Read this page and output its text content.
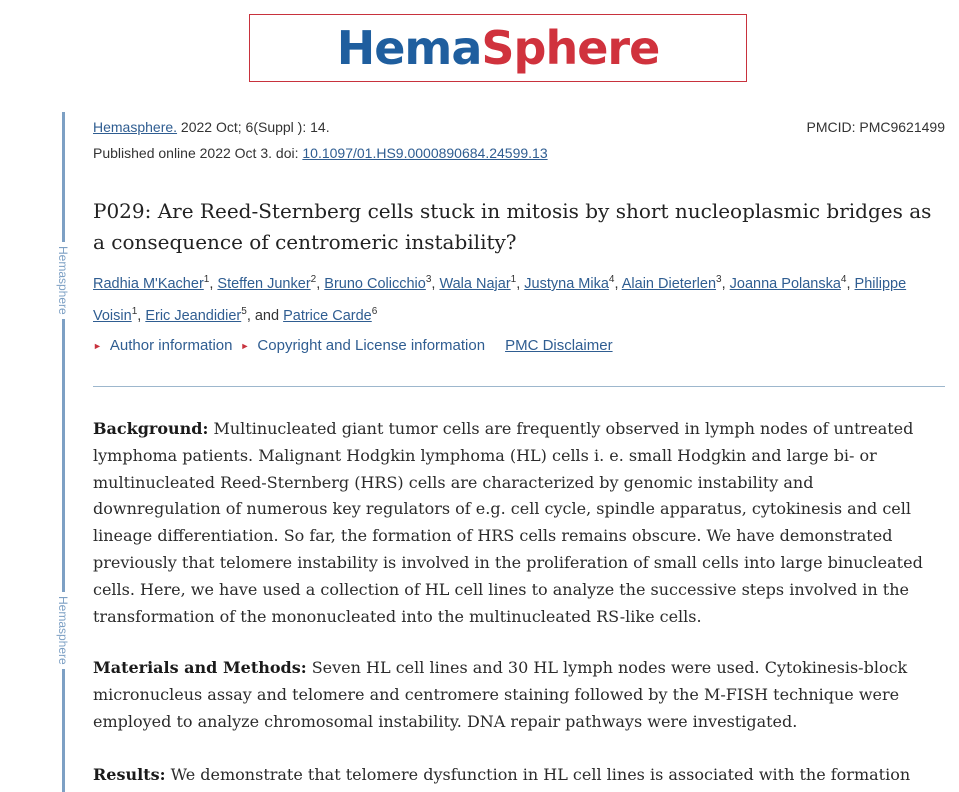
Hema Sphere
Hemasphere
Hemasphere
Hemasphere. 2022 Oct; 6(Suppl ): 14.	PMCID: PMC9621499
Published online 2022 Oct 3. doi: 10.1097/01.HS9.0000890684.24599.13
P029: Are Reed-Sternberg cells stuck in mitosis by short nucleoplasmic bridges as a consequence of centromeric instability?
Radhia M'Kacher$^1$, Steffen Junker$^2$, Bruno Colicchio$^3$, Wala Najar$^1$, Justyna Mika$^4$, Alain Dieterlen$^3$, Joanna Polanska$^4$, Philippe Voisin$^1$, Eric Jeandidier$^5$, and Patrice Carde$^6$
► Author information ► Copyright and License information PMC Disclaimer

Background: Multinucleated giant tumor cells are frequently observed in lymph nodes of untreated lymphoma patients. Malignant Hodgkin lymphoma (HL) cells i. e. small Hodgkin and large bi- or multinucleated Reed-Sternberg (HRS) cells are characterized by genomic instability and downregulation of numerous key regulators of e.g. cell cycle, spindle apparatus, cytokinesis and cell lineage differentiation. So far, the formation of HRS cells remains obscure. We have demonstrated previously that telomere instability is involved in the proliferation of small cells into large binucleated cells. Here, we have used a collection of HL cell lines to analyze the successive steps involved in the transformation of the mononucleated into the multinucleated RS-like cells.

Materials and Methods: Seven HL cell lines and 30 HL lymph nodes were used. Cytokinesis-block micronucleus assay and telomere and centromere staining followed by the M-FISH technique were employed to analyze chromosomal instability. DNA repair pathways were investigated.

Results: We demonstrate that telomere dysfunction in HL cell lines is associated with the formation
